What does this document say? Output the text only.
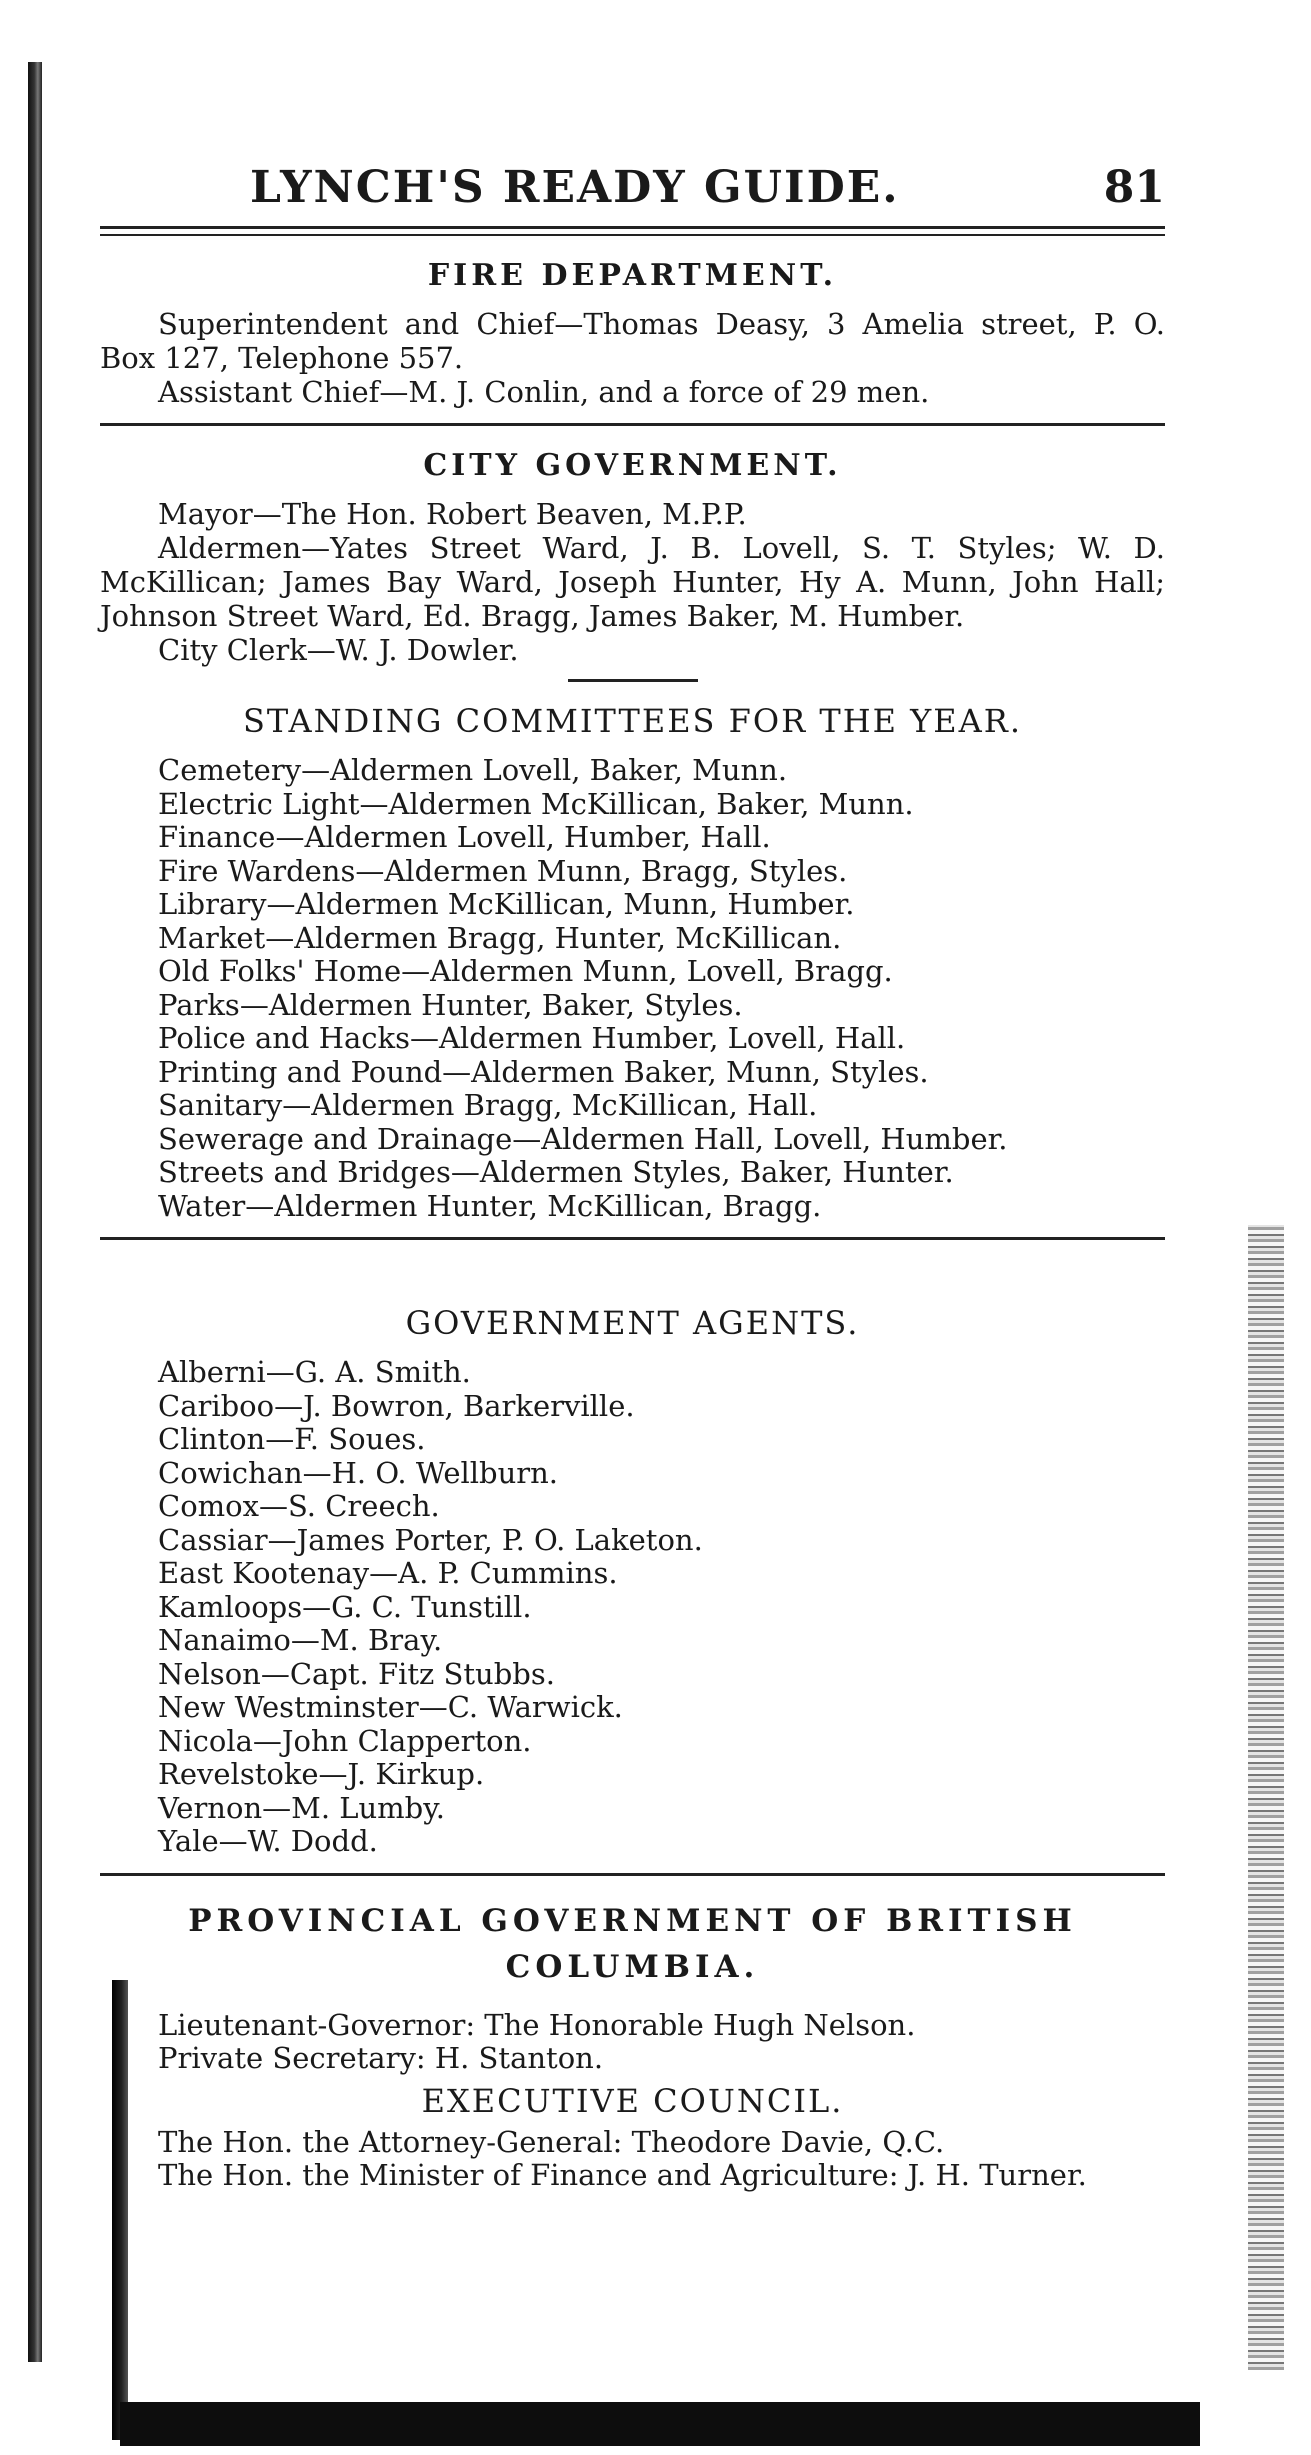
LYNCH'S READY GUIDE.	81
FIRE DEPARTMENT.

Superintendent and Chief—Thomas Deasy, 3 Amelia street, P. O. Box 127, Telephone 557.

Assistant Chief—M. J. Conlin, and a force of 29 men.

CITY GOVERNMENT.

Mayor—The Hon. Robert Beaven, M.P.P.

Aldermen—Yates Street Ward, J. B. Lovell, S. T. Styles; W. D. McKillican; James Bay Ward, Joseph Hunter, Hy A. Munn, John Hall; Johnson Street Ward, Ed. Bragg, James Baker, M. Humber.

City Clerk—W. J. Dowler.

STANDING COMMITTEES FOR THE YEAR.

Cemetery—Aldermen Lovell, Baker, Munn.

Electric Light—Aldermen McKillican, Baker, Munn.

Finance—Aldermen Lovell, Humber, Hall.

Fire Wardens—Aldermen Munn, Bragg, Styles.

Library—Aldermen McKillican, Munn, Humber.

Market—Aldermen Bragg, Hunter, McKillican.

Old Folks' Home—Aldermen Munn, Lovell, Bragg.

Parks—Aldermen Hunter, Baker, Styles.

Police and Hacks—Aldermen Humber, Lovell, Hall.

Printing and Pound—Aldermen Baker, Munn, Styles.

Sanitary—Aldermen Bragg, McKillican, Hall.

Sewerage and Drainage—Aldermen Hall, Lovell, Humber.

Streets and Bridges—Aldermen Styles, Baker, Hunter.

Water—Aldermen Hunter, McKillican, Bragg.

GOVERNMENT AGENTS.

Alberni—G. A. Smith.

Cariboo—J. Bowron, Barkerville.

Clinton—F. Soues.

Cowichan—H. O. Wellburn.

Comox—S. Creech.

Cassiar—James Porter, P. O. Laketon.

East Kootenay—A. P. Cummins.

Kamloops—G. C. Tunstill.

Nanaimo—M. Bray.

Nelson—Capt. Fitz Stubbs.

New Westminster—C. Warwick.

Nicola—John Clapperton.

Revelstoke—J. Kirkup.

Vernon—M. Lumby.

Yale—W. Dodd.

PROVINCIAL GOVERNMENT OF BRITISH COLUMBIA.

Lieutenant-Governor: The Honorable Hugh Nelson.

Private Secretary: H. Stanton.

EXECUTIVE COUNCIL.

The Hon. the Attorney-General: Theodore Davie, Q.C.

The Hon. the Minister of Finance and Agriculture: J. H. Turner.
